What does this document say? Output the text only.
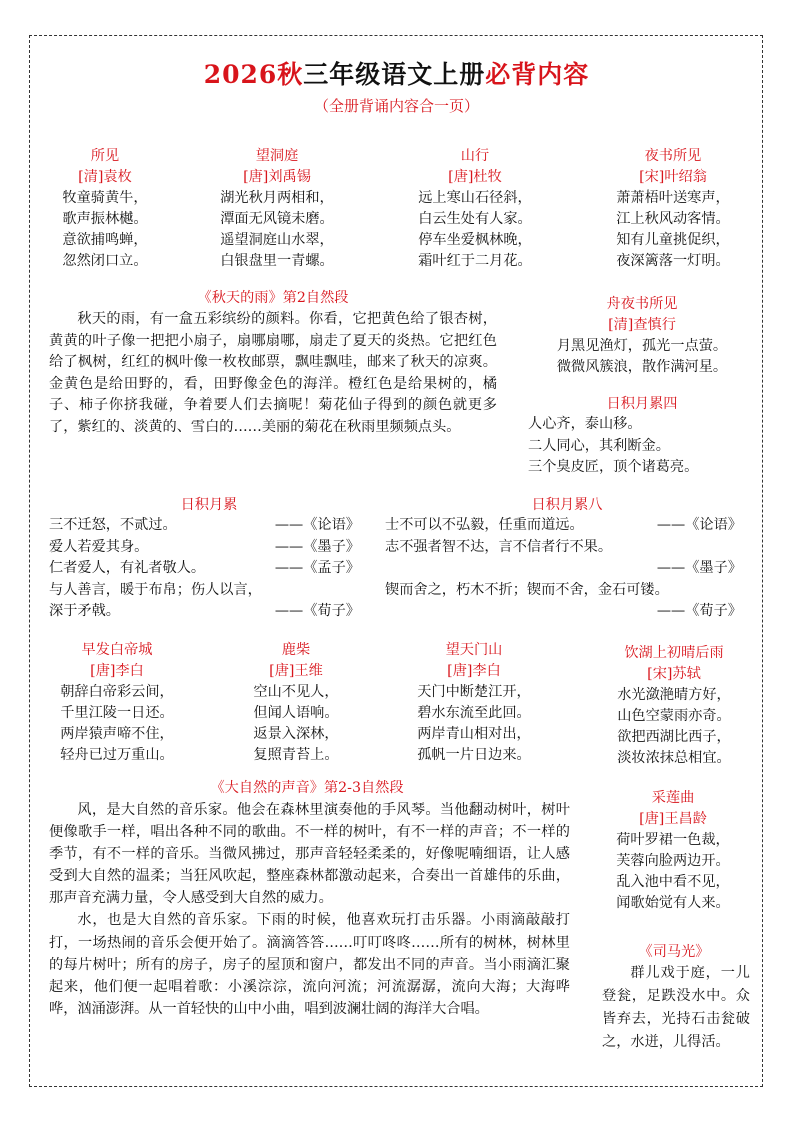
2026秋三年级语文上册必背内容
（全册背诵内容合一页）
所见
[清]袁枚
牧童骑黄牛，
歌声振林樾。
意欲捕鸣蝉，
忽然闭口立。
望洞庭
[唐]刘禹锡
湖光秋月两相和，
潭面无风镜未磨。
遥望洞庭山水翠，
白银盘里一青螺。
山行
[唐]杜牧
远上寒山石径斜，
白云生处有人家。
停车坐爱枫林晚，
霜叶红于二月花。
夜书所见
[宋]叶绍翁
萧萧梧叶送寒声，
江上秋风动客情。
知有儿童挑促织，
夜深篱落一灯明。
《秋天的雨》第2自然段

秋天的雨，有一盒五彩缤纷的颜料。你看，它把黄色给了银杏树，黄黄的叶子像一把把小扇子，扇哪扇哪，扇走了夏天的炎热。它把红色给了枫树，红红的枫叶像一枚枚邮票，飘哇飘哇，邮来了秋天的凉爽。金黄色是给田野的，看，田野像金色的海洋。橙红色是给果树的，橘子、柿子你挤我碰，争着要人们去摘呢！菊花仙子得到的颜色就更多了，紫红的、淡黄的、雪白的……美丽的菊花在秋雨里频频点头。

舟夜书所见
[清]查慎行
月黑见渔灯，孤光一点萤。
微微风簇浪，散作满河星。
日积月累四
人心齐，泰山移。
二人同心，其利断金。
三个臭皮匠，顶个诸葛亮。
日积月累
三不迁怒，不贰过。	——《论语》
爱人若爱其身。	——《墨子》
仁者爱人，有礼者敬人。	——《孟子》
与人善言，暖于布帛；伤人以言，
深于矛戟。	——《荀子》
日积月累八
士不可以不弘毅，任重而道远。	——《论语》
志不强者智不达，言不信者行不果。
——《墨子》
锲而舍之，朽木不折；锲而不舍，金石可镂。
——《荀子》
早发白帝城
[唐]李白
朝辞白帝彩云间，
千里江陵一日还。
两岸猿声啼不住，
轻舟已过万重山。
鹿柴
[唐]王维
空山不见人，
但闻人语响。
返景入深林，
复照青苔上。
望天门山
[唐]李白
天门中断楚江开，
碧水东流至此回。
两岸青山相对出，
孤帆一片日边来。
饮湖上初晴后雨
[宋]苏轼
水光潋滟晴方好，
山色空蒙雨亦奇。
欲把西湖比西子，
淡妆浓抹总相宜。
《大自然的声音》第2-3自然段

风，是大自然的音乐家。他会在森林里演奏他的手风琴。当他翻动树叶，树叶便像歌手一样，唱出各种不同的歌曲。不一样的树叶，有不一样的声音；不一样的季节，有不一样的音乐。当微风拂过，那声音轻轻柔柔的，好像呢喃细语，让人感受到大自然的温柔；当狂风吹起，整座森林都激动起来，合奏出一首雄伟的乐曲，那声音充满力量，令人感受到大自然的威力。

水，也是大自然的音乐家。下雨的时候，他喜欢玩打击乐器。小雨滴敲敲打打，一场热闹的音乐会便开始了。滴滴答答……叮叮咚咚……所有的树林，树林里的每片树叶；所有的房子，房子的屋顶和窗户，都发出不同的声音。当小雨滴汇聚起来，他们便一起唱着歌：小溪淙淙，流向河流；河流潺潺，流向大海；大海哗哗，汹涌澎湃。从一首轻快的山中小曲，唱到波澜壮阔的海洋大合唱。

采莲曲
[唐]王昌龄
荷叶罗裙一色裁，
芙蓉向脸两边开。
乱入池中看不见，
闻歌始觉有人来。
《司马光》

群儿戏于庭，一儿登瓮，足跌没水中。众皆弃去，光持石击瓮破之，水迸，儿得活。
